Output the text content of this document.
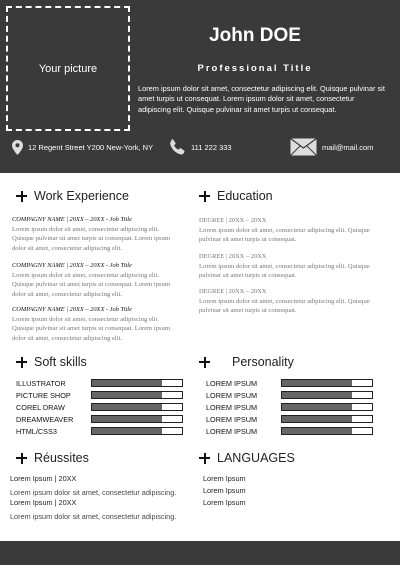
Your picture
John DOE
Professional Title
Lorem ipsum dolor sit amet, consectetur adipiscing elit. Quisque pulvinar sit amet turpis ut consequat. Lorem ipsum dolor sit amet, consectetur adipiscing elit. Quisque pulvinar sit amet turpis ut consequat.
12 Regent Street Y200 New-York, NY	111 222 333	mail@mail.com
Work Experience
COMPAGNY NAME | 20XX – 20XX - Job Title
Lorem ipsum dolor sit amet, consectetur adipiscing elit. Quisque pulvinar sit amet turpis ut consequat. Lorem ipsum dolor sit amet, consectetur adipiscing elit.
COMPAGNY NAME | 20XX – 20XX - Job Title
Lorem ipsum dolor sit amet, consectetur adipiscing elit. Quisque pulvinar sit amet turpis ut consequat. Lorem ipsum dolor sit amet, consectetur adipiscing elit.
COMPAGNY NAME | 20XX – 20XX - Job Title
Lorem ipsum dolor sit amet, consectetur adipiscing elit. Quisque pulvinar sit amet turpis ut consequat. Lorem ipsum dolor sit amet, consectetur adipiscing elit.
Education
DEGREE | 20XX – 20XX
Lorem ipsum dolor sit amet, consectetur adipiscing elit. Quisque pulvinar sit amet turpis ut consequat.
DEGREE | 20XX – 20XX
Lorem ipsum dolor sit amet, consectetur adipiscing elit. Quisque pulvinar sit amet turpis ut consequat.
DEGREE | 20XX – 20XX
Lorem ipsum dolor sit amet, consectetur adipiscing elit. Quisque pulvinar sit amet turpis ut consequat.
Soft skills
ILLUSTRATOR
PICTURE SHOP
COREL DRAW
DREAMWEAVER
HTML/CSS3
Personality
LOREM IPSUM
LOREM IPSUM
LOREM IPSUM
LOREM IPSUM
LOREM IPSUM
Réussites
Lorem Ipsum | 20XX
Lorem ipsum dolor sit amet, consectetur adipiscing.
Lorem Ipsum | 20XX
Lorem ipsum dolor sit amet, consectetur adipiscing.
LANGUAGES
Lorem Ipsum
Lorem Ipsum
Lorem Ipsum
